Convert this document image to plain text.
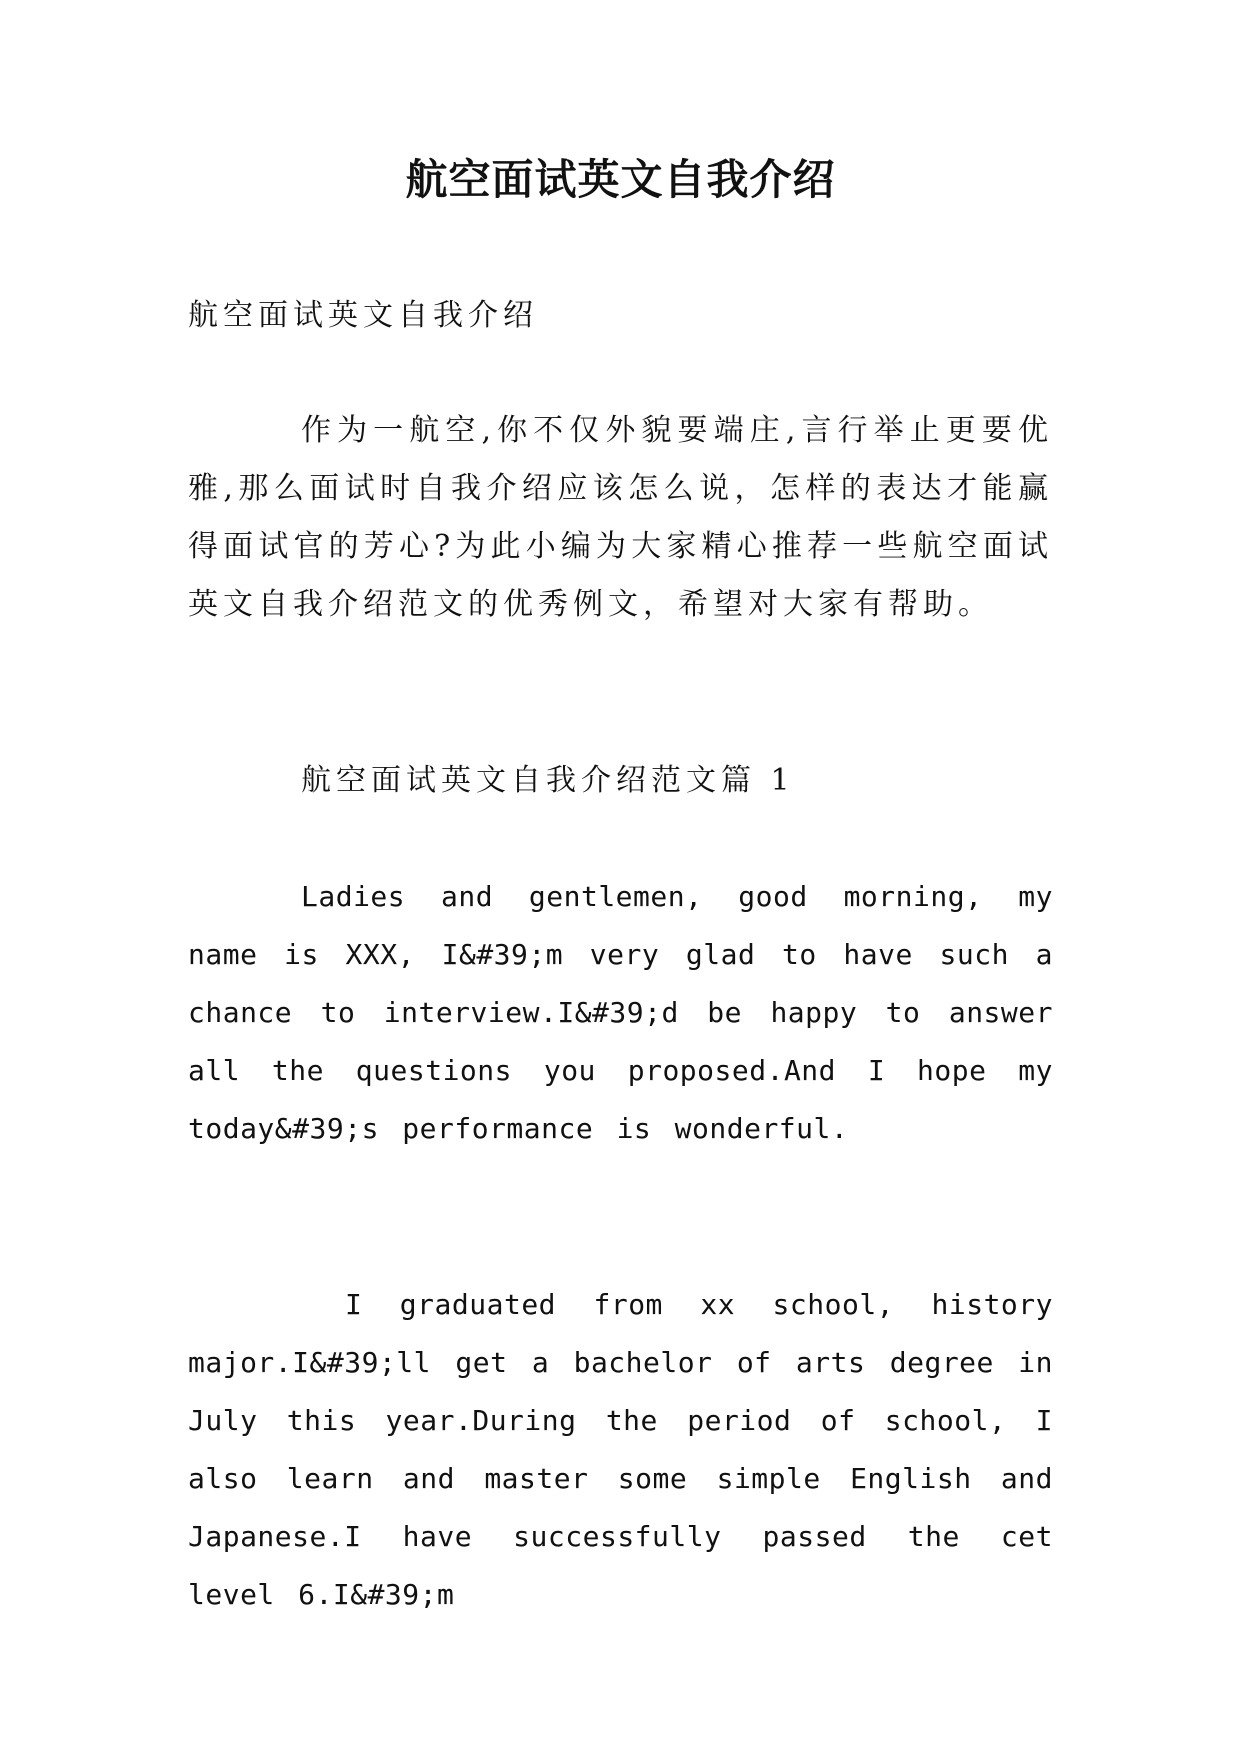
航空面试英文自我介绍

航空面试英文自我介绍

作为一航空,你不仅外貌要端庄,言行举止更要优雅,那么面试时自我介绍应该怎么说，怎样的表达才能赢得面试官的芳心?为此小编为大家精心推荐一些航空面试英文自我介绍范文的优秀例文，希望对大家有帮助。

航空面试英文自我介绍范文篇 1

Ladies and gentlemen, good morning, my name is XXX, I&#39;m very glad to have such a chance to interview.I&#39;d be happy to answer all the questions you proposed.And I hope my today&#39;s performance is wonderful.

I graduated from xx school, history major.I&#39;ll get a bachelor of arts degree in July this year.During the period of school, I also learn and master some simple English and Japanese.I have successfully passed the cet level 6.I&#39;m
